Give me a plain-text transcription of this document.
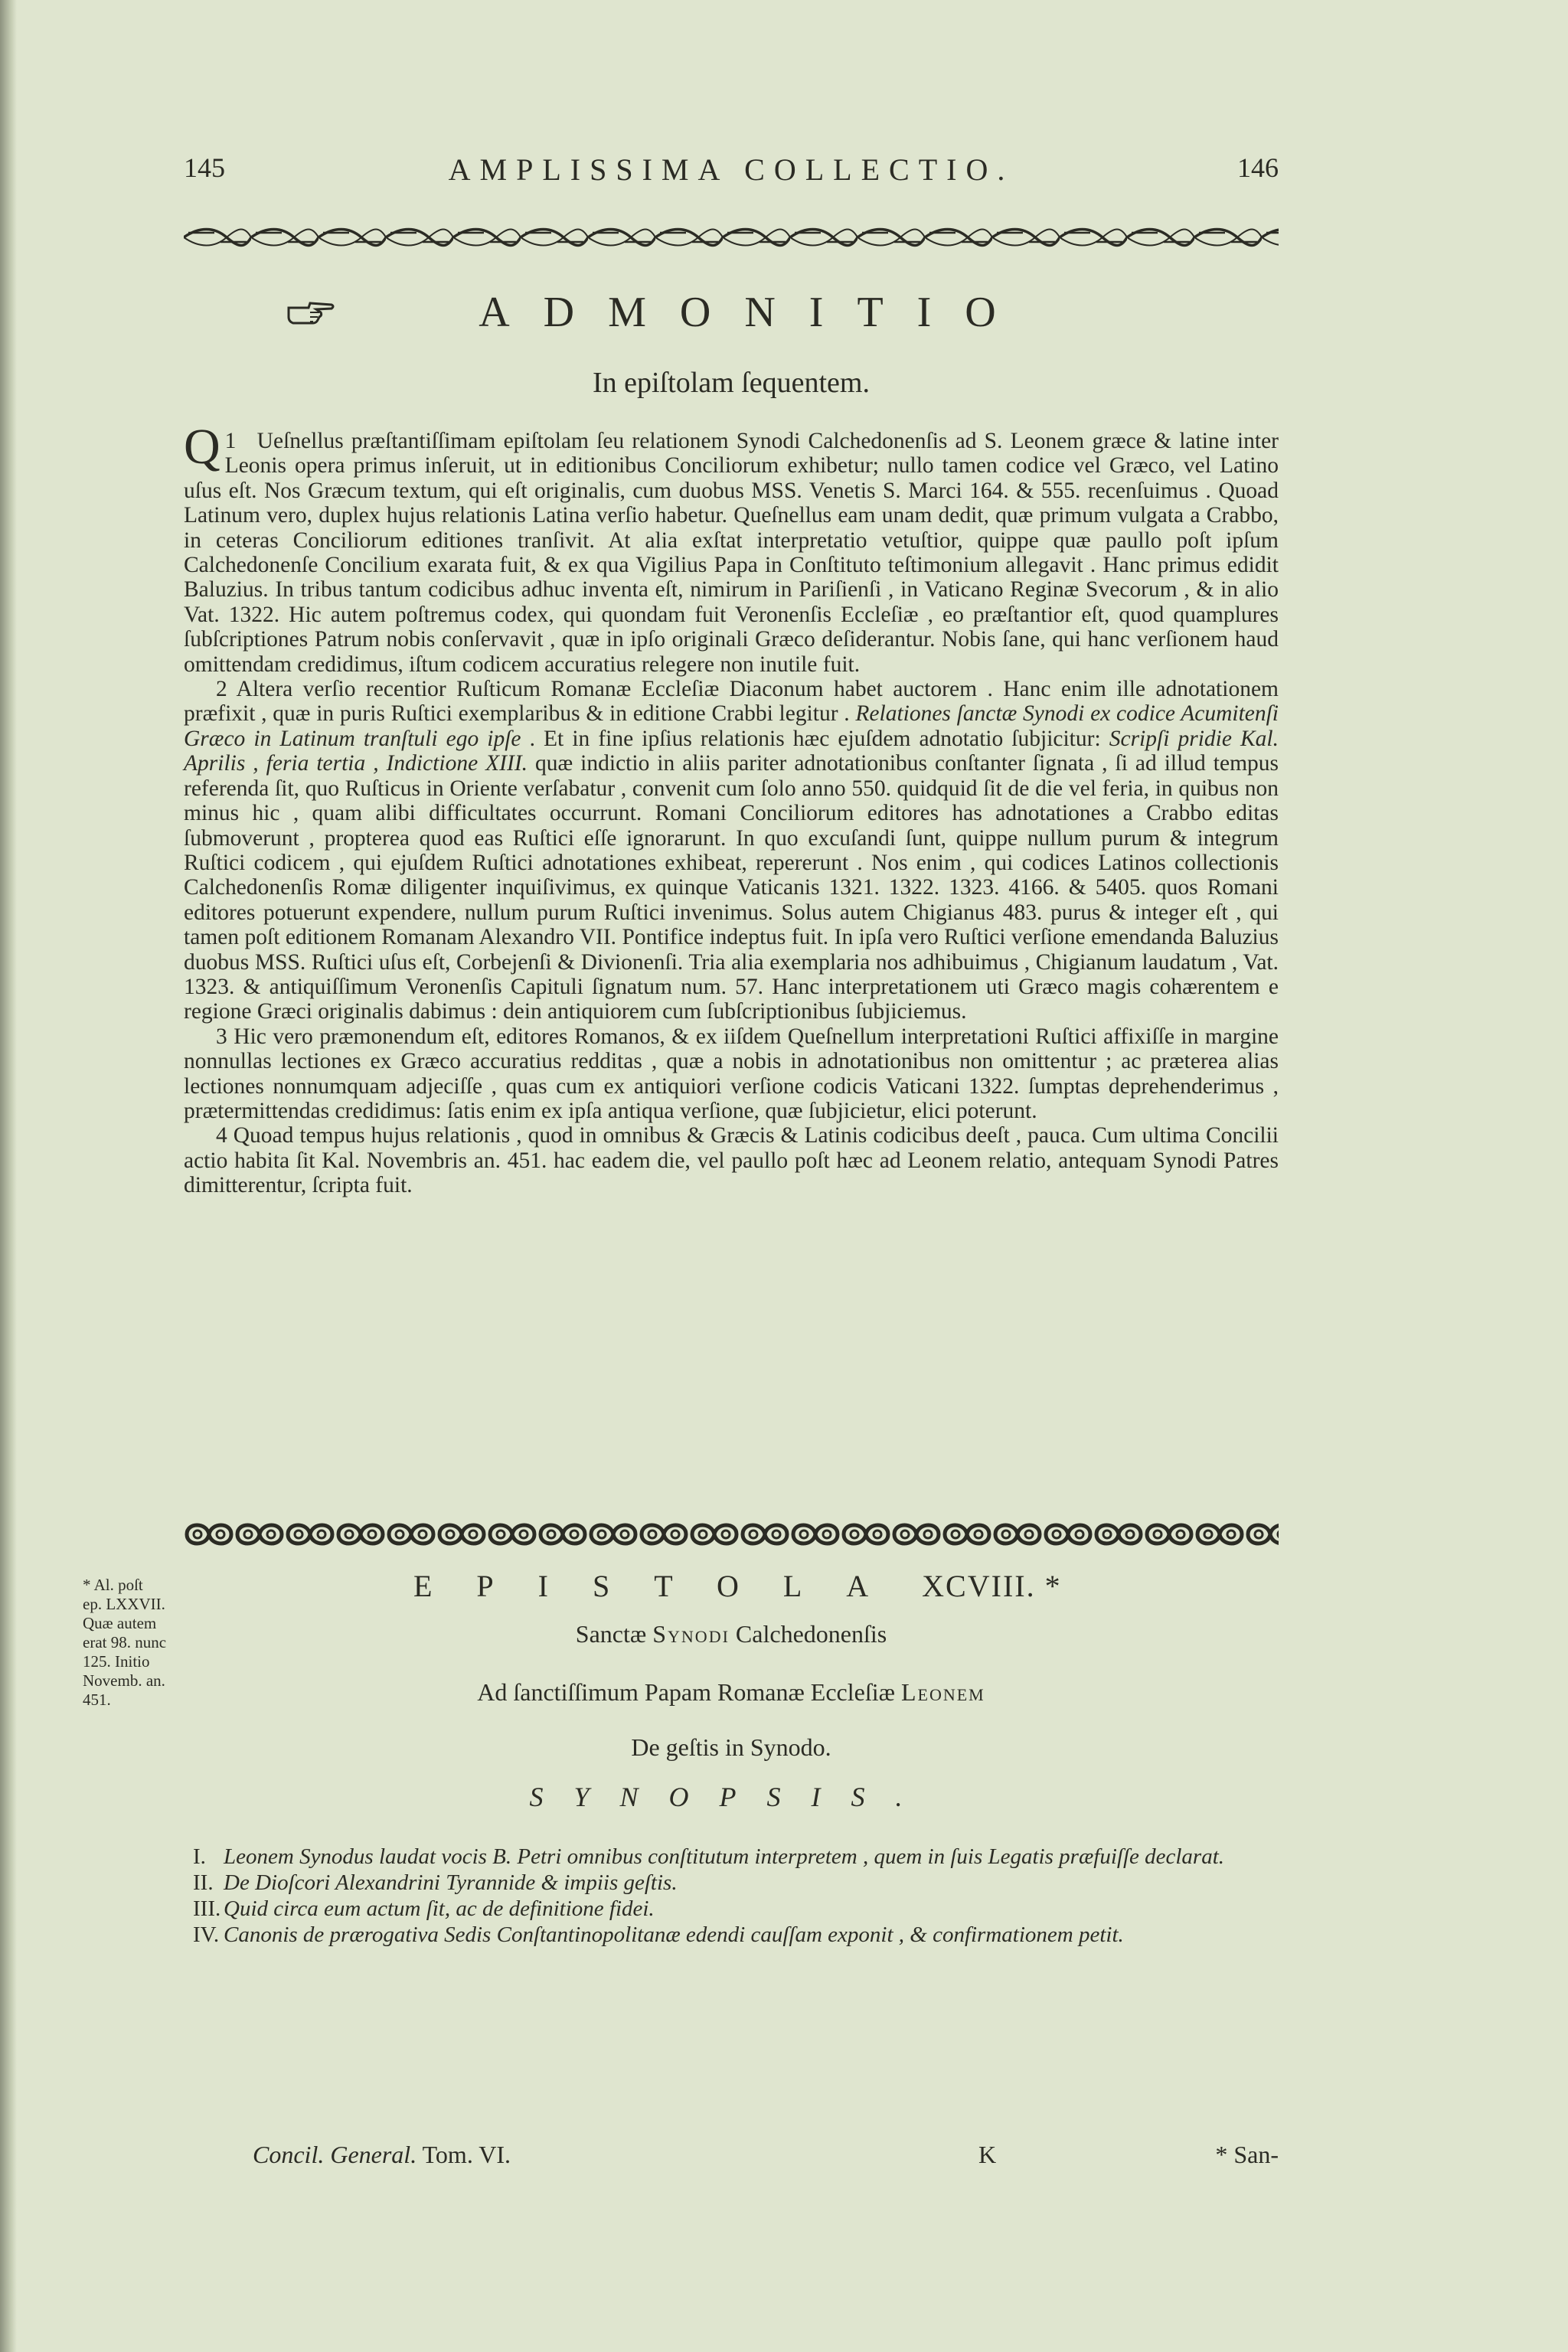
145	AMPLISSIMA COLLECTIO.	146
ADMONITIO
In epiſtolam ſequentem.

1
Q Ueſnellus præſtantiſſimam epiſtolam ſeu relationem Synodi Calchedonenſis ad S. Leonem græce & latine inter Leonis opera primus inſeruit, ut in editionibus Conciliorum exhibetur; nullo tamen codice vel Græco, vel Latino uſus eſt. Nos Græcum textum, qui eſt originalis, cum duobus MSS. Venetis S. Marci 164. & 555. recenſuimus . Quoad Latinum vero, duplex hujus relationis Latina verſio habetur. Queſnellus eam unam dedit, quæ primum vulgata a Crabbo, in ceteras Conciliorum editiones tranſivit. At alia exſtat interpretatio vetuſtior, quippe quæ paullo poſt ipſum Calchedonenſe Concilium exarata fuit, & ex qua Vigilius Papa in Conſtituto teſtimonium allegavit . Hanc primus edidit Baluzius. In tribus tantum codicibus adhuc inventa eſt, nimirum in Pariſienſi , in Vaticano Reginæ Svecorum , & in alio Vat. 1322. Hic autem poſtremus codex, qui quondam fuit Veronenſis Eccleſiæ , eo præſtantior eſt, quod quamplures ſubſcriptiones Patrum nobis conſervavit , quæ in ipſo originali Græco deſiderantur. Nobis ſane, qui hanc verſionem haud omittendam credidimus, iſtum codicem accuratius relegere non inutile fuit.

2 Altera verſio recentior Ruſticum Romanæ Eccleſiæ Diaconum habet auctorem . Hanc enim ille adnotationem præfixit , quæ in puris Ruſtici exemplaribus & in editione Crabbi legitur . Relationes ſanctæ Synodi ex codice Acumitenſi Græco in Latinum tranſtuli ego ipſe . Et in fine ipſius relationis hæc ejuſdem adnotatio ſubjicitur: Scripſi pridie Kal. Aprilis , feria tertia , Indictione XIII. quæ indictio in aliis pariter adnotationibus conſtanter ſignata , ſi ad illud tempus referenda ſit, quo Ruſticus in Oriente verſabatur , convenit cum ſolo anno 550. quidquid ſit de die vel feria, in quibus non minus hic , quam alibi difficultates occurrunt. Romani Conciliorum editores has adnotationes a Crabbo editas ſubmoverunt , propterea quod eas Ruſtici eſſe ignorarunt. In quo excuſandi ſunt, quippe nullum purum & integrum Ruſtici codicem , qui ejuſdem Ruſtici adnotationes exhibeat, repererunt . Nos enim , qui codices Latinos collectionis Calchedonenſis Romæ diligenter inquiſivimus, ex quinque Vaticanis 1321. 1322. 1323. 4166. & 5405. quos Romani editores potuerunt expendere, nullum purum Ruſtici invenimus. Solus autem Chigianus 483. purus & integer eſt , qui tamen poſt editionem Romanam Alexandro VII. Pontifice indeptus fuit. In ipſa vero Ruſtici verſione emendanda Baluzius duobus MSS. Ruſtici uſus eſt, Corbejenſi & Divionenſi. Tria alia exemplaria nos adhibuimus , Chigianum laudatum , Vat. 1323. & antiquiſſimum Veronenſis Capituli ſignatum num. 57. Hanc interpretationem uti Græco magis cohærentem e regione Græci originalis dabimus : dein antiquiorem cum ſubſcriptionibus ſubjiciemus.

3 Hic vero præmonendum eſt, editores Romanos, & ex iiſdem Queſnellum interpretationi Ruſtici affixiſſe in margine nonnullas lectiones ex Græco accuratius redditas , quæ a nobis in adnotationibus non omittentur ; ac præterea alias lectiones nonnumquam adjeciſſe , quas cum ex antiquiori verſione codicis Vaticani 1322. ſumptas deprehenderimus , prætermittendas credidimus: ſatis enim ex ipſa antiqua verſione, quæ ſubjicietur, elici poterunt.

4 Quoad tempus hujus relationis , quod in omnibus & Græcis & Latinis codicibus deeſt , pauca. Cum ultima Concilii actio habita ſit Kal. Novembris an. 451. hac eadem die, vel paullo poſt hæc ad Leonem relatio, antequam Synodi Patres dimitterentur, ſcripta fuit.

* Al. poſt
ep. LXXVII.
Quæ autem
erat 98. nunc
125. Initio
Novemb. an.
451.
EPISTOLA XCVIII. *
Sanctæ Synodi Calchedonenſis
Ad ſanctiſſimum Papam Romanæ Eccleſiæ Leonem
De geſtis in Synodo.
SYNOPSIS.
I. Leonem Synodus laudat vocis B. Petri omnibus conſtitutum interpretem , quem in ſuis Legatis præfuiſſe declarat.
II. De Dioſcori Alexandrini Tyrannide & impiis geſtis.
III. Quid circa eum actum ſit, ac de definitione fidei.
IV. Canonis de prærogativa Sedis Conſtantinopolitanæ edendi cauſſam exponit , & confirmationem petit.
Concil. General. Tom. VI.	K	* San-
